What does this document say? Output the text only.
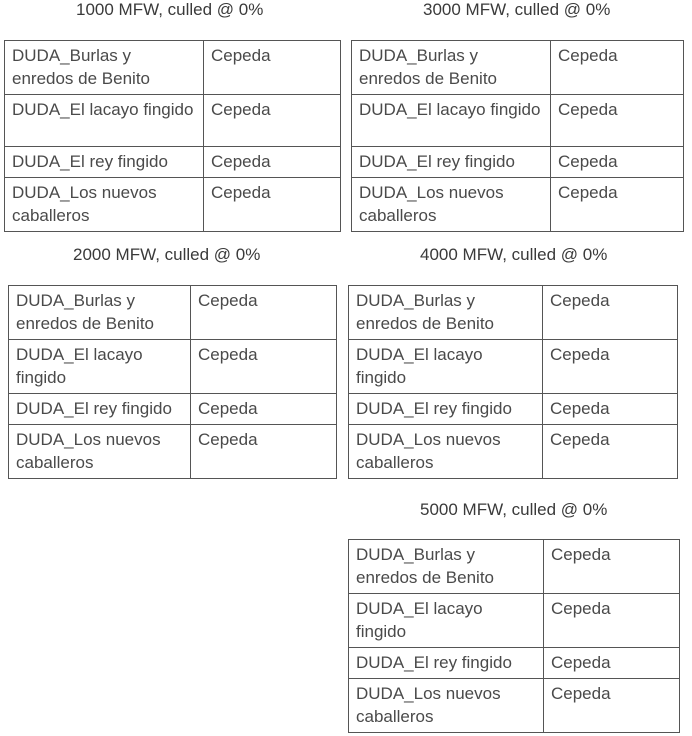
1000 MFW, culled @ 0%
DUDA_Burlas y enredos de Benito	Cepeda
DUDA_El lacayo fingido	Cepeda
DUDA_El rey fingido	Cepeda
DUDA_Los nuevos caballeros	Cepeda
3000 MFW, culled @ 0%
DUDA_Burlas y enredos de Benito	Cepeda
DUDA_El lacayo fingido	Cepeda
DUDA_El rey fingido	Cepeda
DUDA_Los nuevos caballeros	Cepeda
2000 MFW, culled @ 0%
DUDA_Burlas y enredos de Benito	Cepeda
DUDA_El lacayo fingido	Cepeda
DUDA_El rey fingido	Cepeda
DUDA_Los nuevos caballeros	Cepeda
4000 MFW, culled @ 0%
DUDA_Burlas y enredos de Benito	Cepeda
DUDA_El lacayo fingido	Cepeda
DUDA_El rey fingido	Cepeda
DUDA_Los nuevos caballeros	Cepeda
5000 MFW, culled @ 0%
DUDA_Burlas y enredos de Benito	Cepeda
DUDA_El lacayo fingido	Cepeda
DUDA_El rey fingido	Cepeda
DUDA_Los nuevos caballeros	Cepeda
